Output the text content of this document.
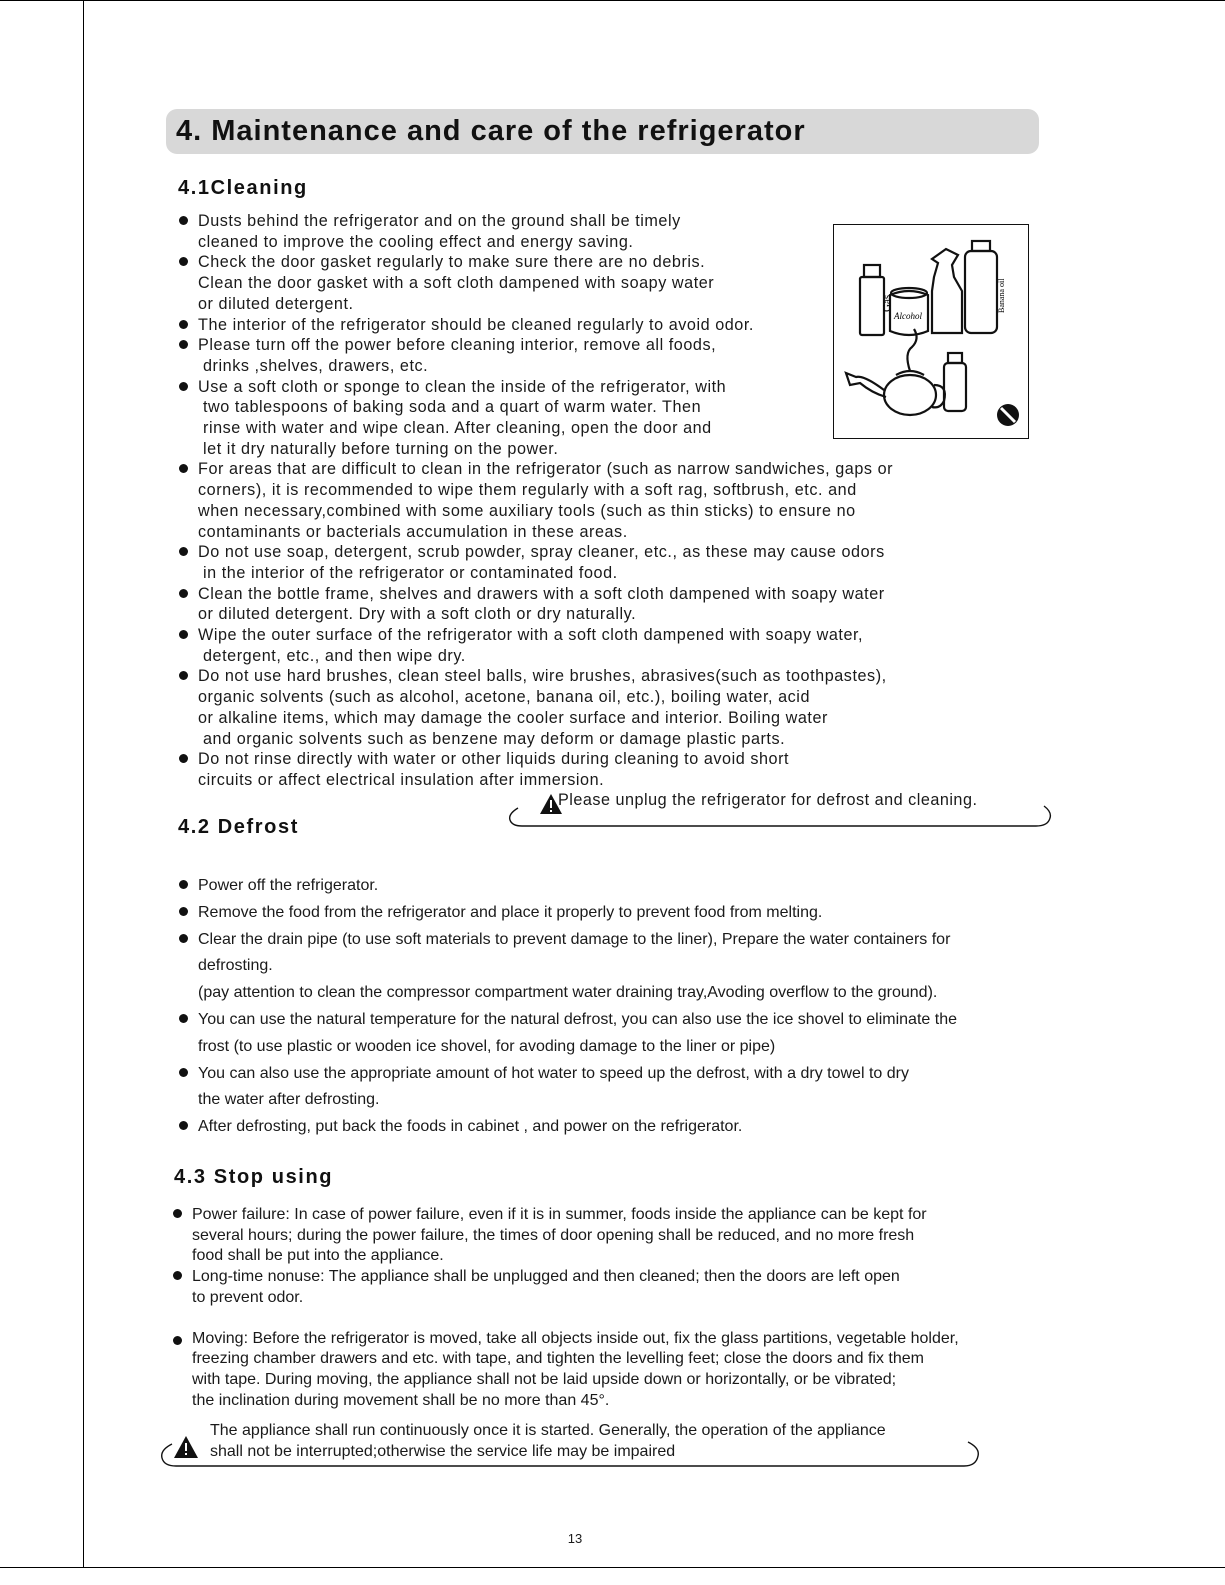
4. Maintenance and care of the refrigerator
4.1Cleaning
Dusts behind the refrigerator and on the ground shall be timely
cleaned to improve the cooling effect and energy saving.
Check the door gasket regularly to make sure there are no debris.
Clean the door gasket with a soft cloth dampened with soapy water
or diluted detergent.
The interior of the refrigerator should be cleaned regularly to avoid odor.
Please turn off the power before cleaning interior, remove all foods,
drinks ,shelves, drawers, etc.
Use a soft cloth or sponge to clean the inside of the refrigerator, with
two tablespoons of baking soda and a quart of warm water. Then
rinse with water and wipe clean. After cleaning, open the door and
let it dry naturally before turning on the power.
For areas that are difficult to clean in the refrigerator (such as narrow sandwiches, gaps or
corners), it is recommended to wipe them regularly with a soft rag, softbrush, etc. and
when necessary,combined with some auxiliary tools (such as thin sticks) to ensure no
contaminants or bacterials accumulation in these areas.
Do not use soap, detergent, scrub powder, spray cleaner, etc., as these may cause odors
in the interior of the refrigerator or contaminated food.
Clean the bottle frame, shelves and drawers with a soft cloth dampened with soapy water
or diluted detergent. Dry with a soft cloth or dry naturally.
Wipe the outer surface of the refrigerator with a soft cloth dampened with soapy water,
detergent, etc., and then wipe dry.
Do not use hard brushes, clean steel balls, wire brushes, abrasives(such as toothpastes),
organic solvents (such as alcohol, acetone, banana oil, etc.), boiling water, acid
or alkaline items, which may damage the cooler surface and interior. Boiling water
and organic solvents such as benzene may deform or damage plastic parts.
Do not rinse directly with water or other liquids during cleaning to avoid short
circuits or affect electrical insulation after immersion.
Gas
Alcohol
Banana oil
Please unplug the refrigerator for defrost and cleaning.
4.2 Defrost
Power off the refrigerator.
Remove the food from the refrigerator and place it properly to prevent food from melting.
Clear the drain pipe (to use soft materials to prevent damage to the liner), Prepare the water containers for
defrosting.
(pay attention to clean the compressor compartment water draining tray,Avoding overflow to the ground).
You can use the natural temperature for the natural defrost, you can also use the ice shovel to eliminate the
frost (to use plastic or wooden ice shovel, for avoding damage to the liner or pipe)
You can also use the appropriate amount of hot water to speed up the defrost, with a dry towel to dry
the water after defrosting.
After defrosting, put back the foods in cabinet , and power on the refrigerator.
4.3 Stop using
Power failure: In case of power failure, even if it is in summer, foods inside the appliance can be kept for
several hours; during the power failure, the times of door opening shall be reduced, and no more fresh
food shall be put into the appliance.
Long-time nonuse: The appliance shall be unplugged and then cleaned; then the doors are left open
to prevent odor.
Moving: Before the refrigerator is moved, take all objects inside out, fix the glass partitions, vegetable holder,
freezing chamber drawers and etc. with tape, and tighten the levelling feet; close the doors and fix them
with tape. During moving, the appliance shall not be laid upside down or horizontally, or be vibrated;
the inclination during movement shall be no more than 45°.
The appliance shall run continuously once it is started. Generally, the operation of the appliance
shall not be interrupted;otherwise the service life may be impaired
13
